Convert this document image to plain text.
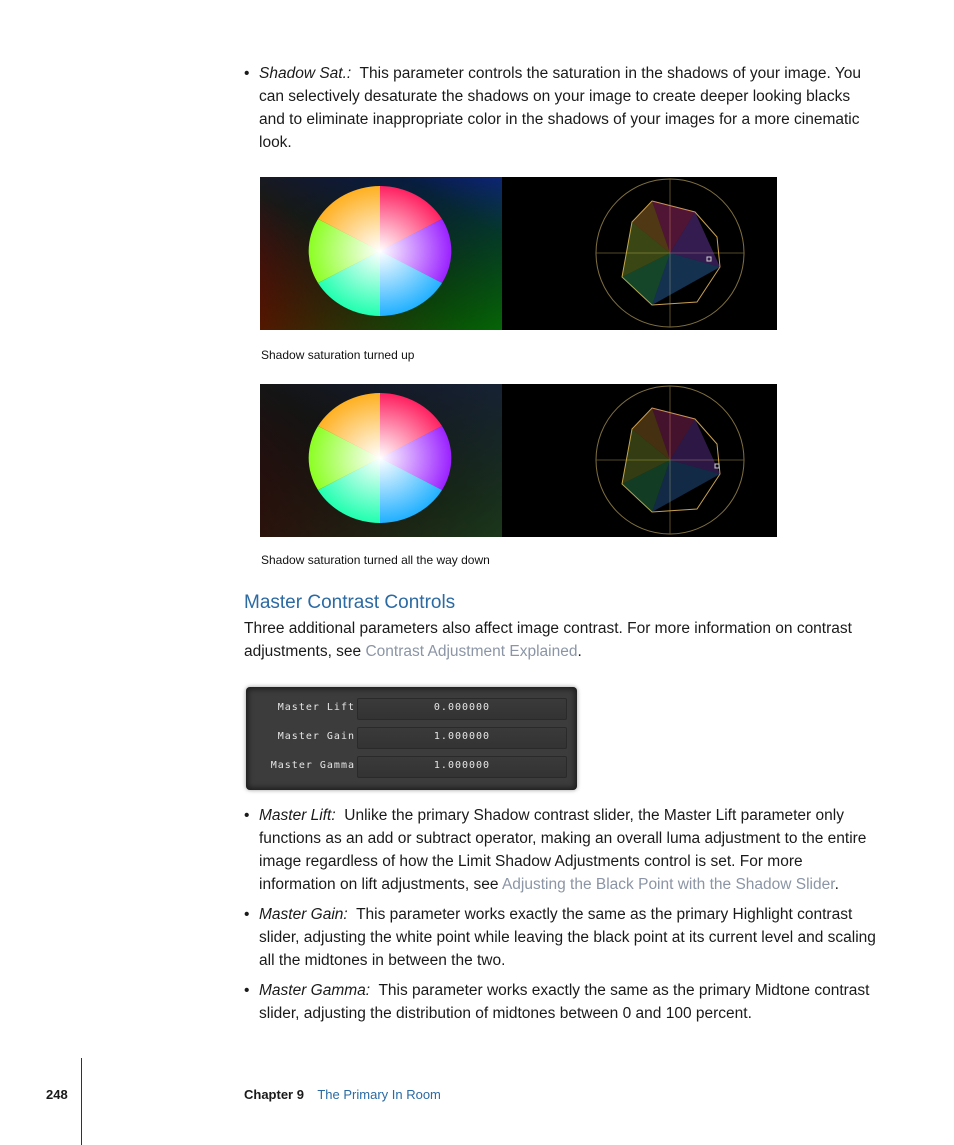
• Shadow Sat.: This parameter controls the saturation in the shadows of your image. You can selectively desaturate the shadows on your image to create deeper looking blacks and to eliminate inappropriate color in the shadows of your images for a more cinematic look.
Shadow saturation turned up
Shadow saturation turned all the way down
Master Contrast Controls
Three additional parameters also affect image contrast. For more information on contrast adjustments, see Contrast Adjustment Explained.
Master Lift	0.000000
Master Gain	1.000000
Master Gamma	1.000000
• Master Lift: Unlike the primary Shadow contrast slider, the Master Lift parameter only functions as an add or subtract operator, making an overall luma adjustment to the entire image regardless of how the Limit Shadow Adjustments control is set. For more information on lift adjustments, see Adjusting the Black Point with the Shadow Slider.
• Master Gain: This parameter works exactly the same as the primary Highlight contrast slider, adjusting the white point while leaving the black point at its current level and scaling all the midtones in between the two.
• Master Gamma: This parameter works exactly the same as the primary Midtone contrast slider, adjusting the distribution of midtones between 0 and 100 percent.
248	Chapter 9 The Primary In Room
